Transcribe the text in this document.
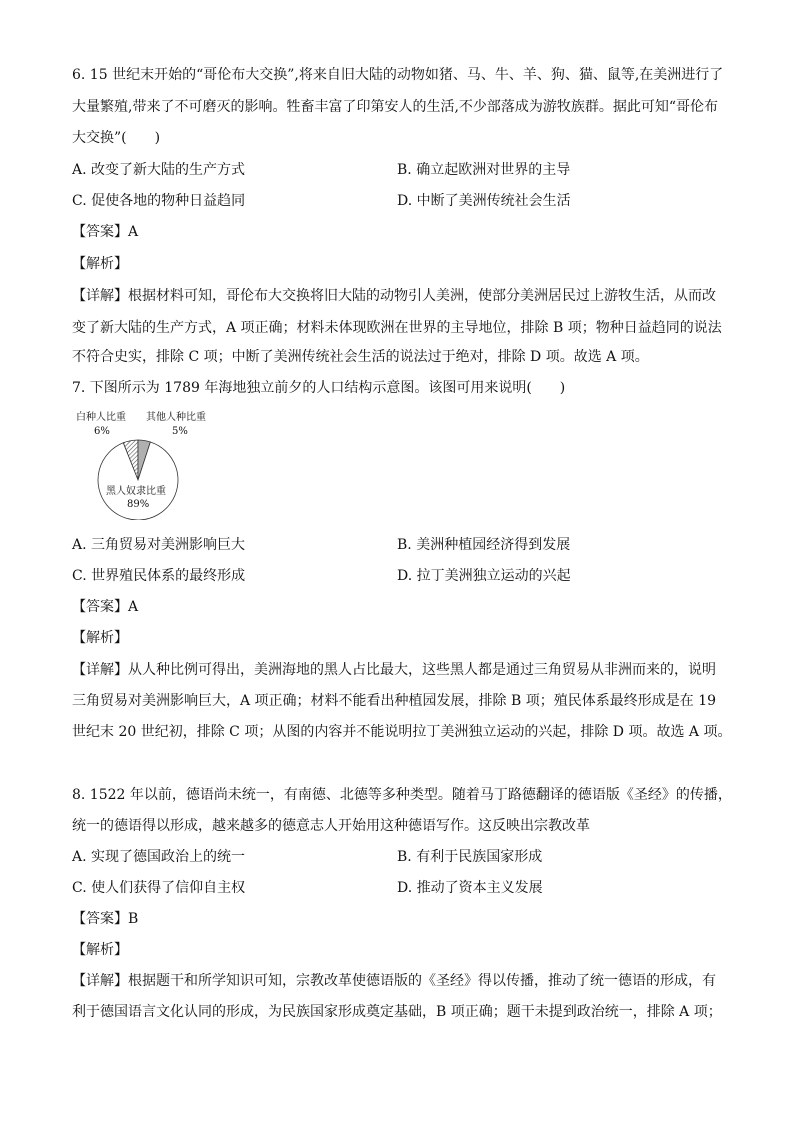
6. 15 世纪末开始的“哥伦布大交换”,将来自旧大陆的动物如猪、马、牛、羊、狗、猫、鼠等,在美洲进行了
大量繁殖,带来了不可磨灭的影响。牲畜丰富了印第安人的生活,不少部落成为游牧族群。据此可知“哥伦布
大交换”(　　)
A. 改变了新大陆的生产方式	B. 确立起欧洲对世界的主导
C. 促使各地的物种日益趋同	D. 中断了美洲传统社会生活
【答案】A
【解析】
【详解】根据材料可知，哥伦布大交换将旧大陆的动物引人美洲，使部分美洲居民过上游牧生活，从而改
变了新大陆的生产方式，A 项正确；材料未体现欧洲在世界的主导地位，排除 B 项；物种日益趋同的说法
不符合史实，排除 C 项；中断了美洲传统社会生活的说法过于绝对，排除 D 项。故选 A 项。
7. 下图所示为 1789 年海地独立前夕的人口结构示意图。该图可用来说明(　　)
白种人比重
6%
其他人种比重
5%
黑人奴隶比重
89%
A. 三角贸易对美洲影响巨大	B. 美洲种植园经济得到发展
C. 世界殖民体系的最终形成	D. 拉丁美洲独立运动的兴起
【答案】A
【解析】
【详解】从人种比例可得出，美洲海地的黑人占比最大，这些黑人都是通过三角贸易从非洲而来的，说明
三角贸易对美洲影响巨大，A 项正确；材料不能看出种植园发展，排除 B 项；殖民体系最终形成是在 19
世纪末 20 世纪初，排除 C 项；从图的内容并不能说明拉丁美洲独立运动的兴起，排除 D 项。故选 A 项。
8. 1522 年以前，德语尚未统一，有南德、北德等多种类型。随着马丁路德翻译的德语版《圣经》的传播，
统一的德语得以形成，越来越多的德意志人开始用这种德语写作。这反映出宗教改革
A. 实现了德国政治上的统一	B. 有利于民族国家形成
C. 使人们获得了信仰自主权	D. 推动了资本主义发展
【答案】B
【解析】
【详解】根据题干和所学知识可知，宗教改革使德语版的《圣经》得以传播，推动了统一德语的形成，有
利于德国语言文化认同的形成，为民族国家形成奠定基础，B 项正确；题干未提到政治统一，排除 A 项；
